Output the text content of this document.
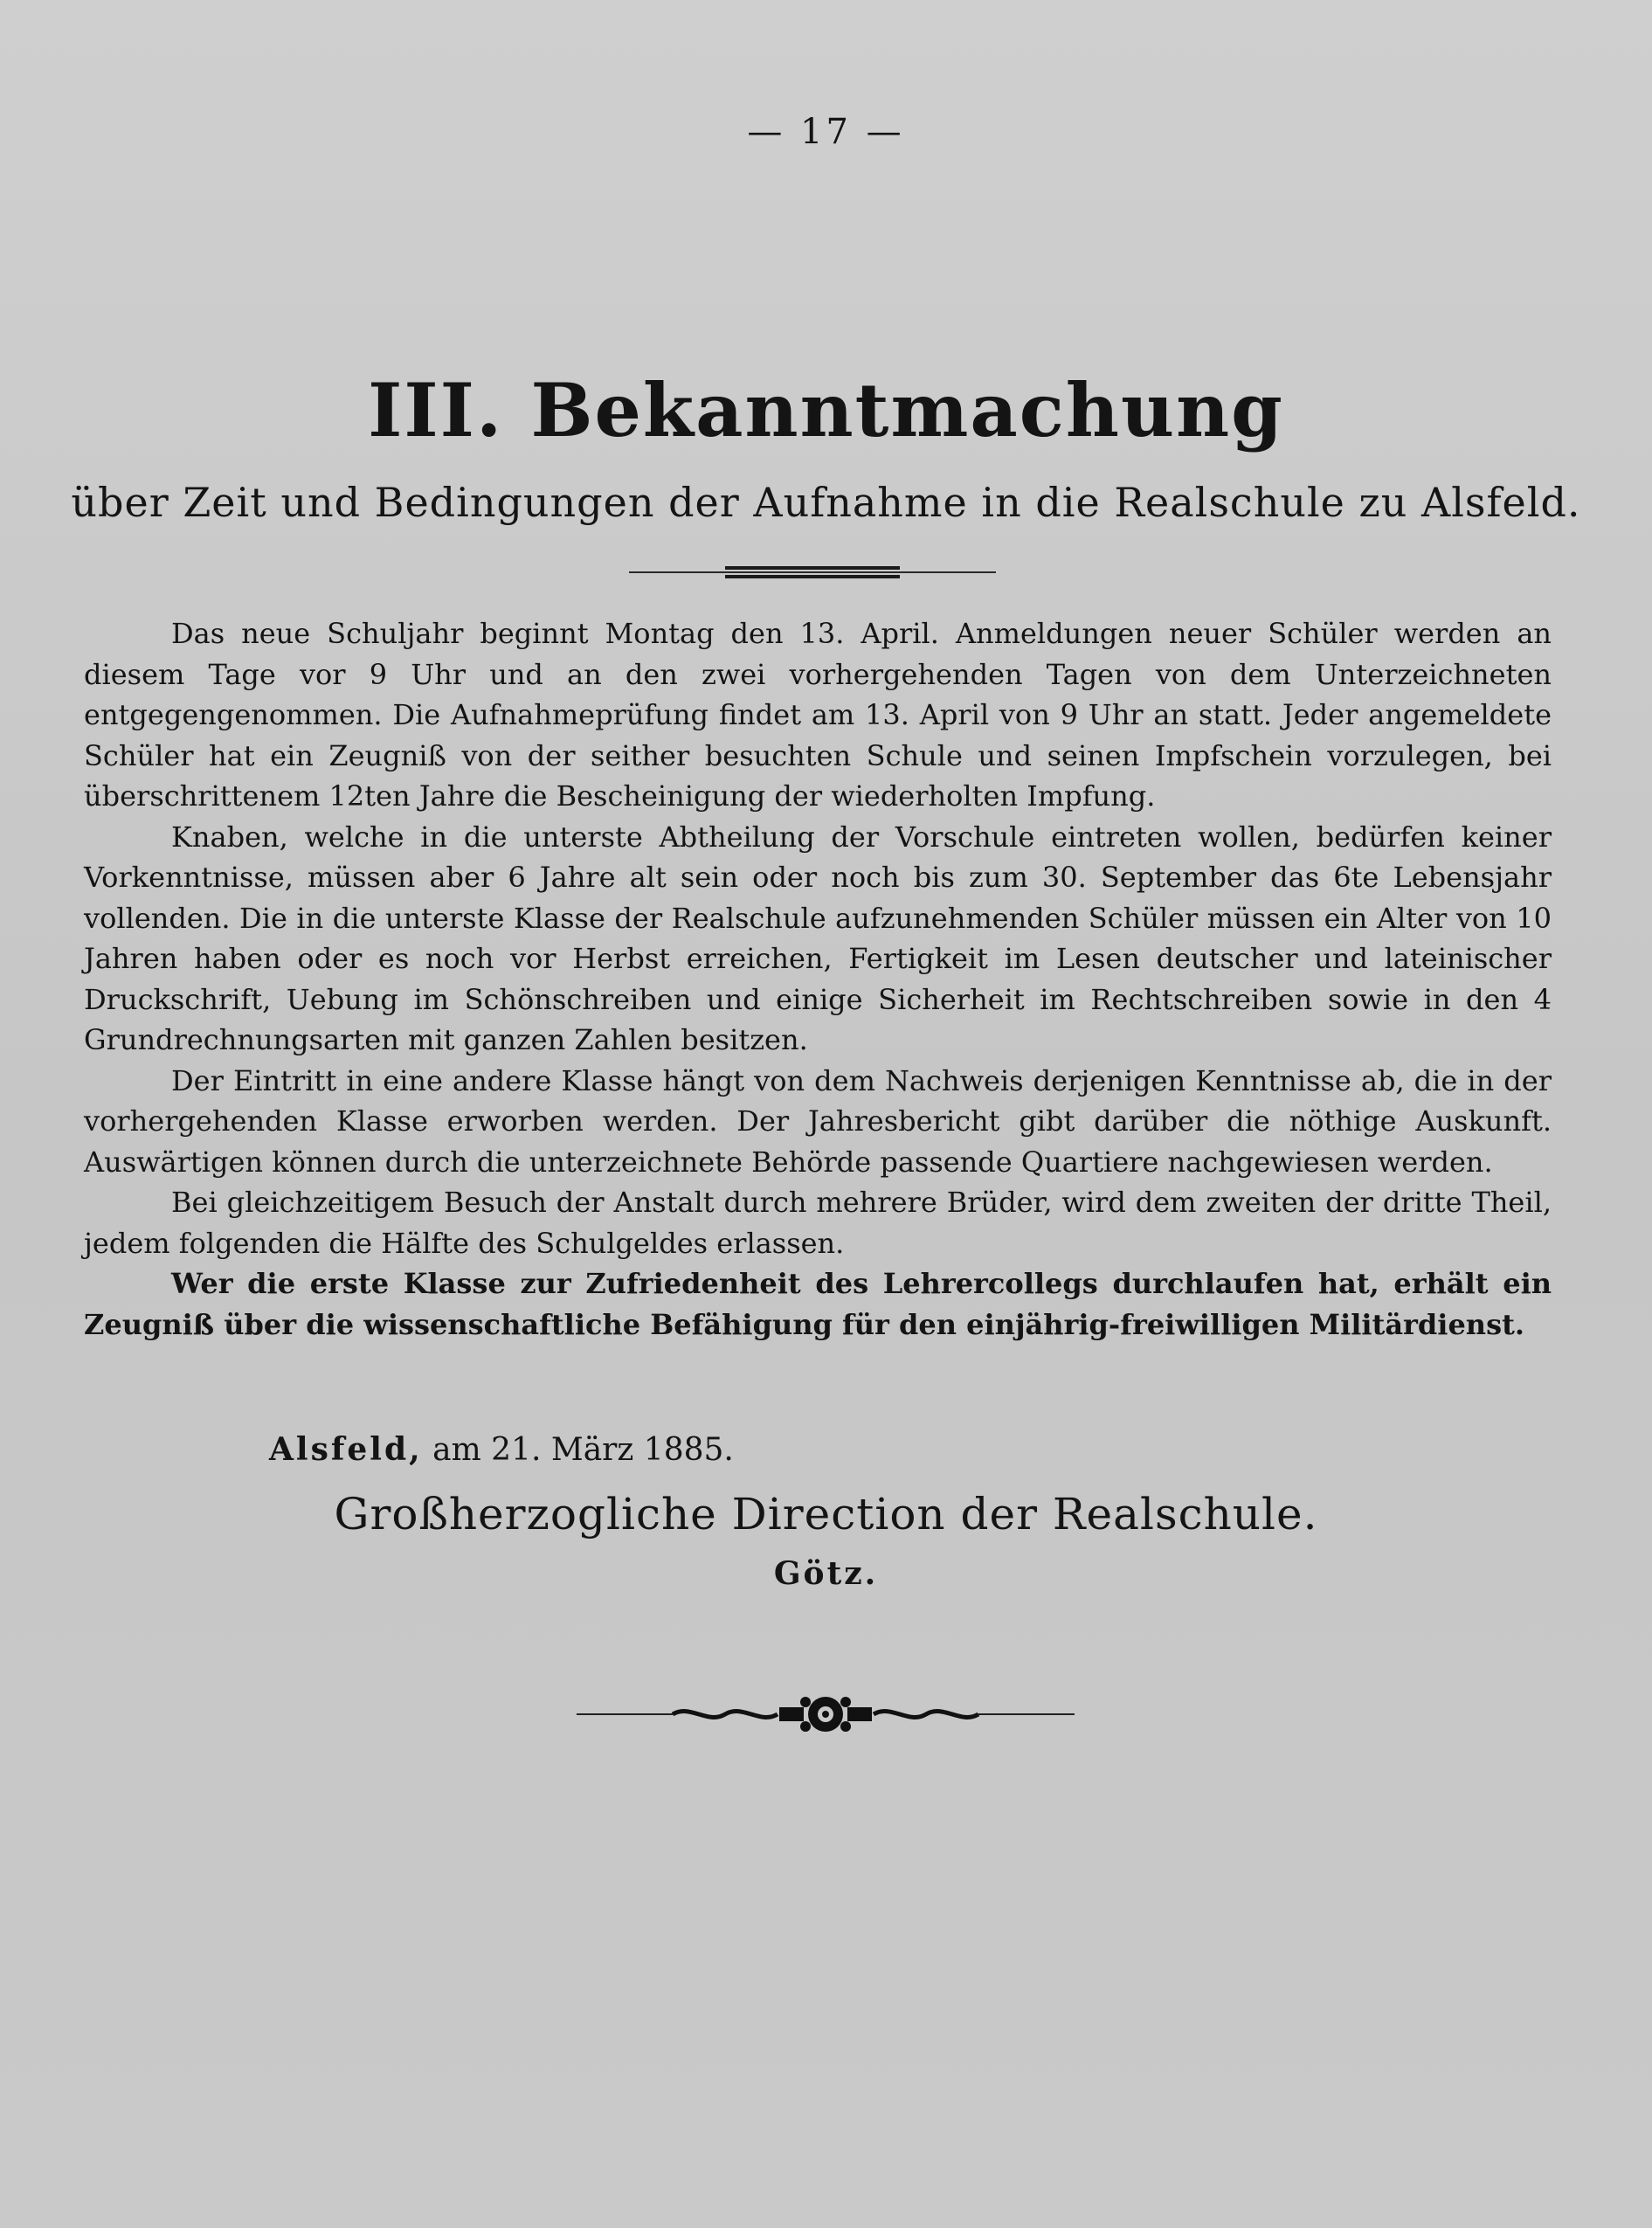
— 17 —
III. Bekanntmachung
über Zeit und Bedingungen der Aufnahme in die Realschule zu Alsfeld.

Das neue Schuljahr beginnt Montag den 13. April. Anmeldungen neuer Schüler werden an diesem Tage vor 9 Uhr und an den zwei vorhergehenden Tagen von dem Unterzeichneten entgegengenommen. Die Aufnahmeprüfung findet am 13. April von 9 Uhr an statt. Jeder angemeldete Schüler hat ein Zeugniß von der seither besuchten Schule und seinen Impfschein vorzulegen, bei überschrittenem 12ten Jahre die Bescheinigung der wiederholten Impfung.

Knaben, welche in die unterste Abtheilung der Vorschule eintreten wollen, bedürfen keiner Vorkenntnisse, müssen aber 6 Jahre alt sein oder noch bis zum 30. September das 6te Lebensjahr vollenden. Die in die unterste Klasse der Realschule aufzunehmenden Schüler müssen ein Alter von 10 Jahren haben oder es noch vor Herbst erreichen, Fertigkeit im Lesen deutscher und lateinischer Druckschrift, Uebung im Schönschreiben und einige Sicherheit im Rechtschreiben sowie in den 4 Grundrechnungsarten mit ganzen Zahlen besitzen.

Der Eintritt in eine andere Klasse hängt von dem Nachweis derjenigen Kenntnisse ab, die in der vorhergehenden Klasse erworben werden. Der Jahresbericht gibt darüber die nöthige Auskunft. Auswärtigen können durch die unterzeichnete Behörde passende Quartiere nachgewiesen werden.

Bei gleichzeitigem Besuch der Anstalt durch mehrere Brüder, wird dem zweiten der dritte Theil, jedem folgenden die Hälfte des Schulgeldes erlassen.

Wer die erste Klasse zur Zufriedenheit des Lehrercollegs durchlaufen hat, erhält ein Zeugniß über die wissenschaftliche Befähigung für den einjährig-freiwilligen Militärdienst.

Alsfeld, am 21. März 1885.
Großherzogliche Direction der Realschule.
Götz.
